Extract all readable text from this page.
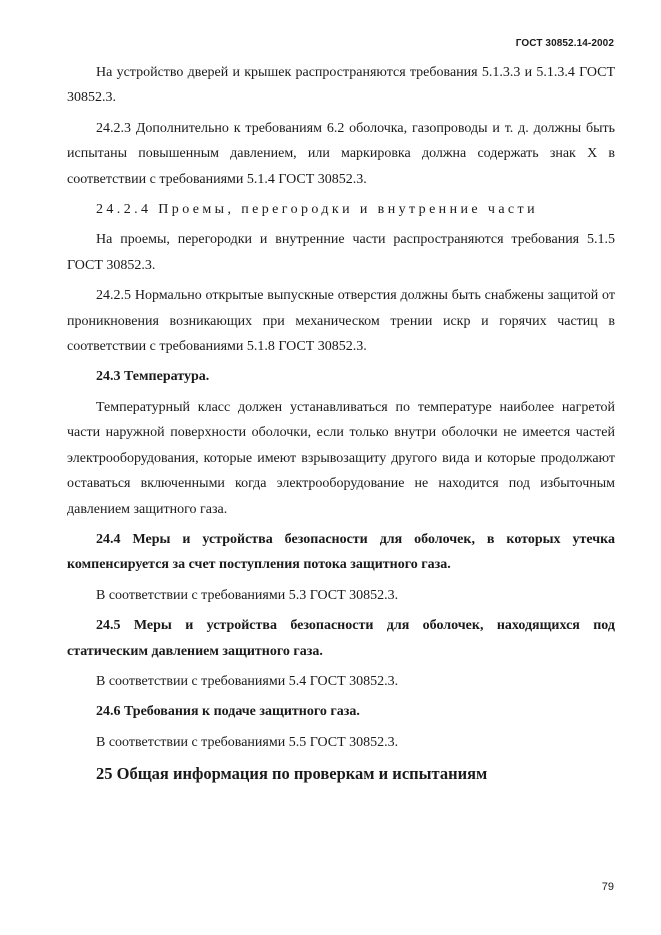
ГОСТ 30852.14-2002

На устройство дверей и крышек распространяются требования 5.1.3.3 и 5.1.3.4 ГОСТ 30852.3.

24.2.3 Дополнительно к требованиям 6.2 оболочка, газопроводы и т. д. должны быть испытаны повышенным давлением, или маркировка должна содержать знак X в соответствии с требованиями 5.1.4 ГОСТ 30852.3.

24.2.4 Проемы, перегородки и внутренние части

На проемы, перегородки и внутренние части распространяются требования 5.1.5 ГОСТ 30852.3.

24.2.5 Нормально открытые выпускные отверстия должны быть снабжены защитой от проникновения возникающих при механическом трении искр и горячих частиц в соответствии с требованиями 5.1.8 ГОСТ 30852.3.

24.3 Температура.

Температурный класс должен устанавливаться по температуре наиболее нагретой части наружной поверхности оболочки, если только внутри оболочки не имеется частей электрооборудования, которые имеют взрывозащиту другого вида и которые продолжают оставаться включенными когда электрооборудование не находится под избыточным давлением защитного газа.

24.4 Меры и устройства безопасности для оболочек, в которых утечка компенсируется за счет поступления потока защитного газа.

В соответствии с требованиями 5.3 ГОСТ 30852.3.

24.5 Меры и устройства безопасности для оболочек, находящихся под статическим давлением защитного газа.

В соответствии с требованиями 5.4 ГОСТ 30852.3.

24.6 Требования к подаче защитного газа.

В соответствии с требованиями 5.5 ГОСТ 30852.3.

25 Общая информация по проверкам и испытаниям

79
